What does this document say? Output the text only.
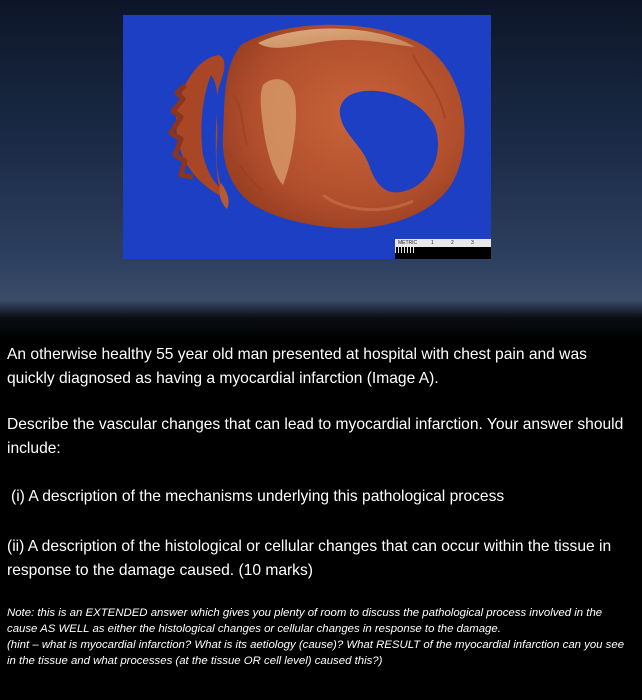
METRIC	1	2	3

An otherwise healthy 55 year old man presented at hospital with chest pain and was quickly diagnosed as having a myocardial infarction (Image A).

Describe the vascular changes that can lead to myocardial infarction. Your answer should include:

(i) A description of the mechanisms underlying this pathological process

(ii) A description of the histological or cellular changes that can occur within the tissue in response to the damage caused. (10 marks)

Note: this is an EXTENDED answer which gives you plenty of room to discuss the pathological process involved in the cause AS WELL as either the histological changes or cellular changes in response to the damage.

(hint – what is myocardial infarction? What is its aetiology (cause)? What RESULT of the myocardial infarction can you see in the tissue and what processes (at the tissue OR cell level) caused this?)
